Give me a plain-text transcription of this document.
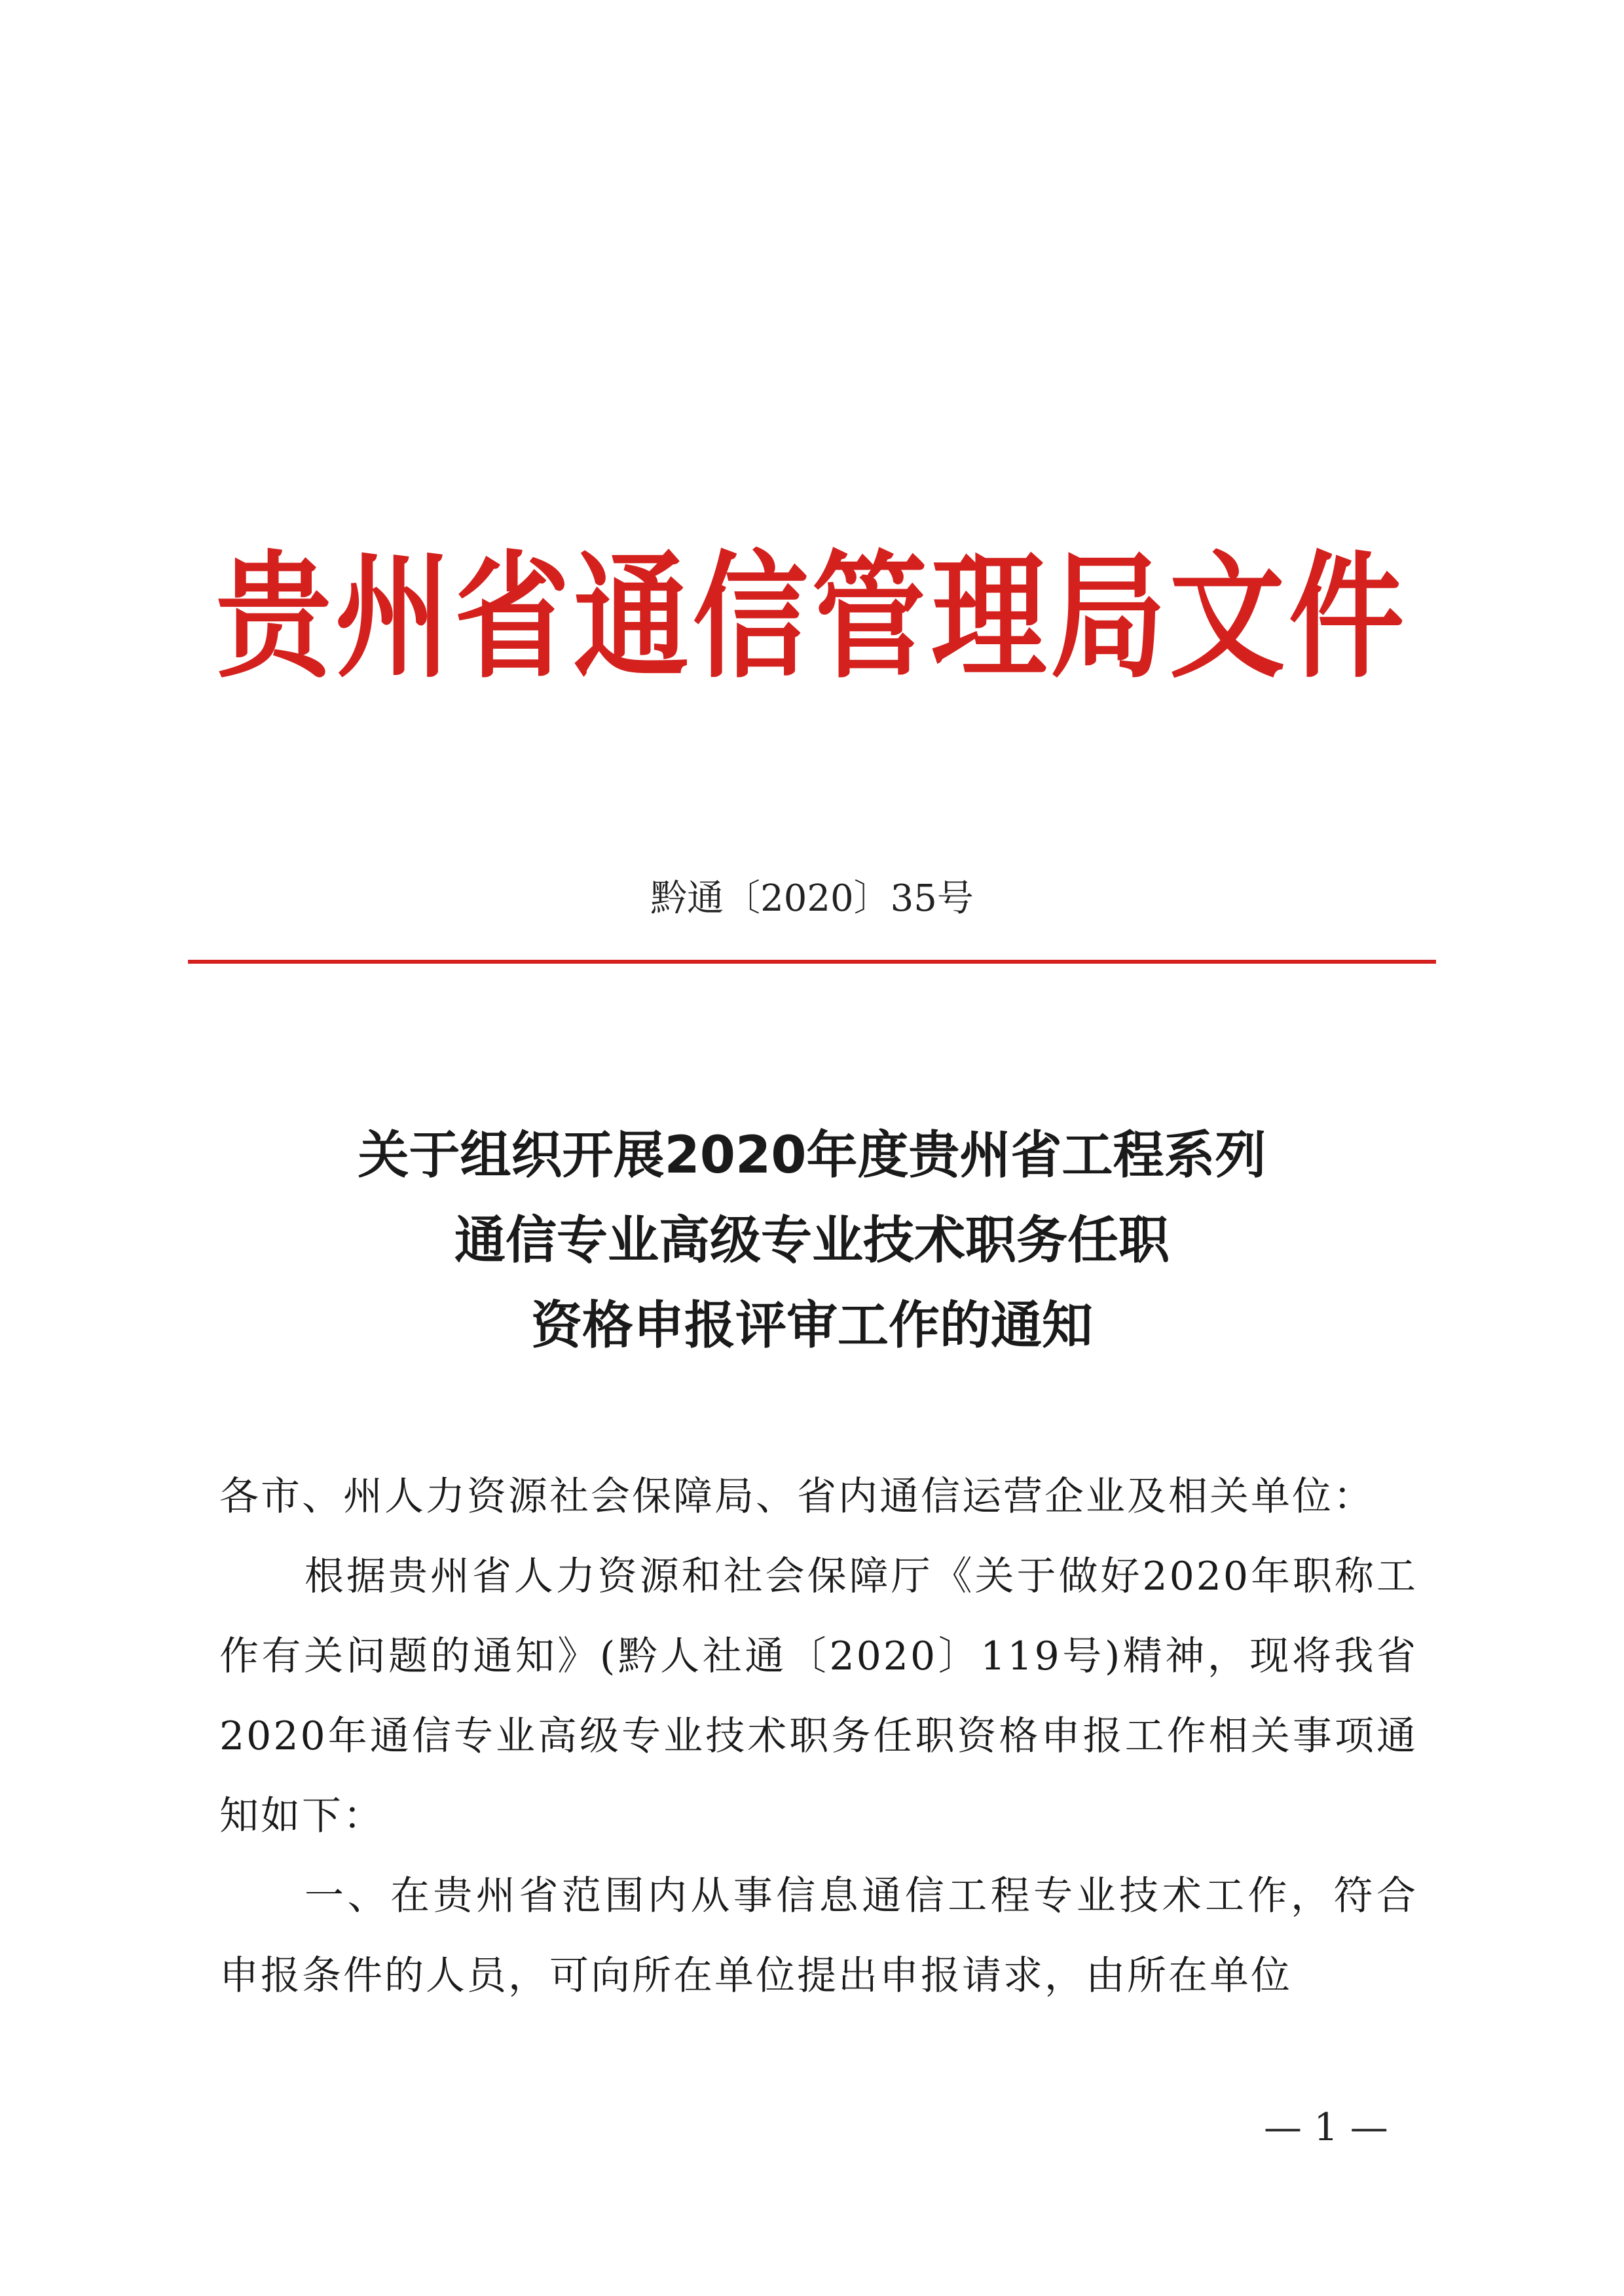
贵州省通信管理局文件
黔通〔2020〕35号
关于组织开展2020年度贵州省工程系列
通信专业高级专业技术职务任职
资格申报评审工作的通知

各市、州人力资源社会保障局、省内通信运营企业及相关单位：

根据贵州省人力资源和社会保障厅《关于做好2020年职称工作有关问题的通知》(黔人社通〔2020〕119号)精神，现将我省2020年通信专业高级专业技术职务任职资格申报工作相关事项通知如下：

一、在贵州省范围内从事信息通信工程专业技术工作，符合申报条件的人员，可向所在单位提出申报请求，由所在单位

— 1 —
